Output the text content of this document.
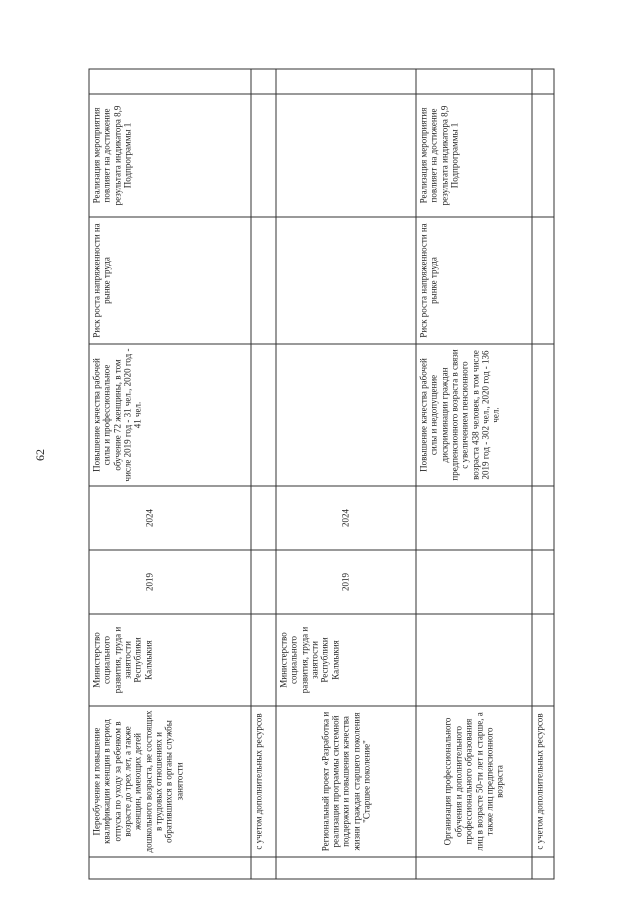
62
	Переобучение и повышение квалификации женщин в период отпуска по уходу за ребенком в возрасте до трех лет, а также женщин, имеющих детей дошкольного возраста, не состоящих в трудовых отношениях и обратившихся в органы службы занятости	Министерство социального развития, труда и занятости Республики Калмыкия	2019	2024	Повышение качества рабочей силы и профессиональное обучение 72 женщины, в том числе 2019 год - 31 чел., 2020 год - 41 чел.	Риск роста напряженности на рынке труда	Реализация мероприятия повлияет на достижение результата индикатора 8,9 Подпрограммы 1	
	с учетом дополнительных ресурсов							
	Региональный проект «Разработка и реализация программы системной поддержки и повышения качества жизни граждан старшего поколения "Старшее поколение"	Министерство социального развития, труда и занятости Республики Калмыкия	2019	2024				
	Организация профессионального обучения и дополнительного профессионального образования лиц в возрасте 50-ти лет и старше, а также лиц предпенсионного возраста				Повышение качества рабочей силы и недопущение дискриминации граждан предпенсионного возраста в связи с увеличением пенсионного возраста 438 человек, в том числе 2019 год - 302 чел., 2020 год - 136 чел.	Риск роста напряженности на рынке труда	Реализация мероприятия повлияет на достижение результата индикатора 8,9 Подпрограммы 1	
	с учетом дополнительных ресурсов							
